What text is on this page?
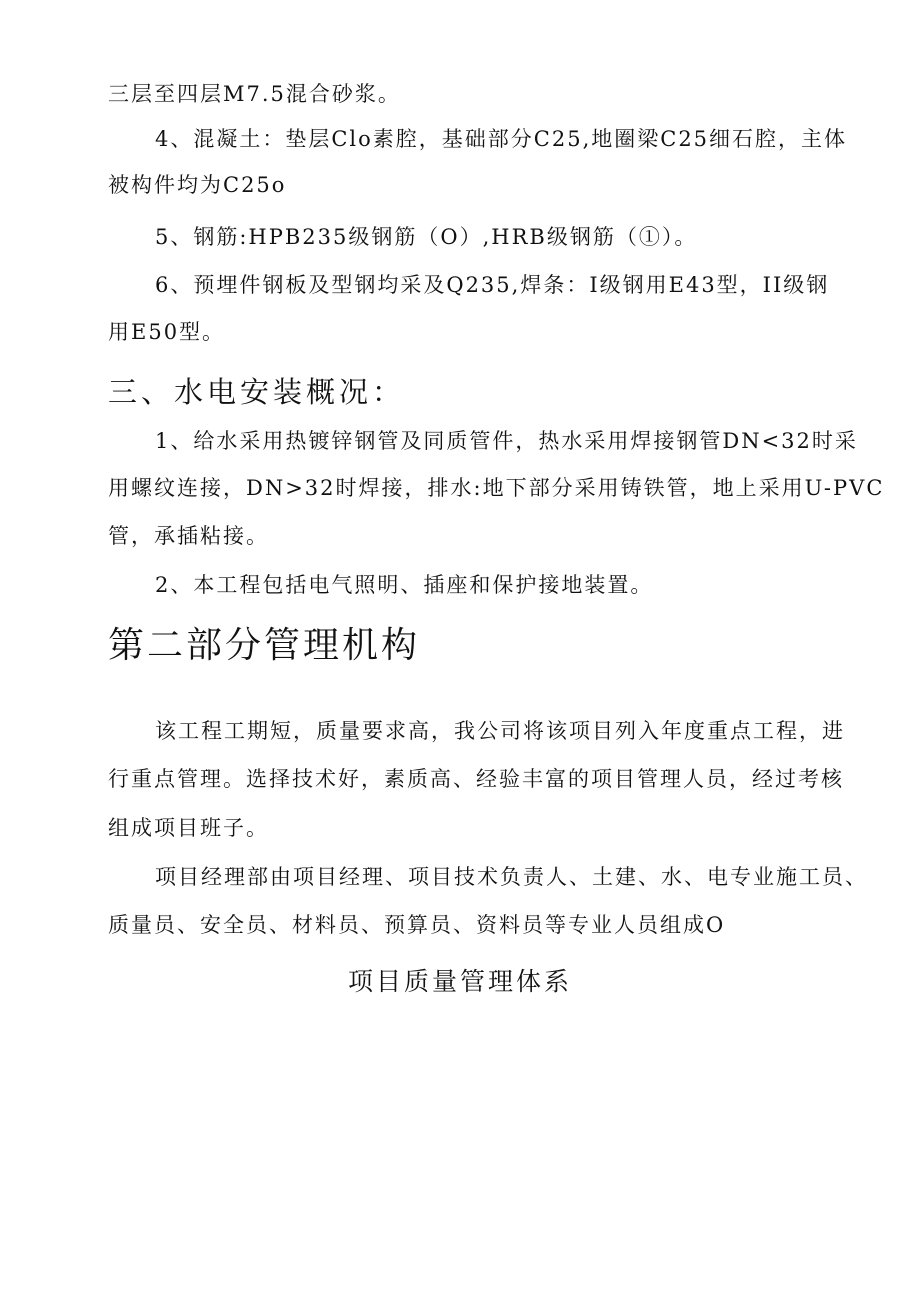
三层至四层M7.5混合砂浆。
4、混凝土：垫层Clo素腔，基础部分C25,地圈梁C25细石腔，主体
被构件均为C25o
5、钢筋:HPB235级钢筋（O）,HRB级钢筋（①）。
6、预埋件钢板及型钢均采及Q235,焊条：I级钢用E43型，II级钢
用E50型。
三、水电安装概况：
1、给水采用热镀锌钢管及同质管件，热水采用焊接钢管DN<32时采
用螺纹连接，DN>32时焊接，排水:地下部分采用铸铁管，地上采用U-PVC
管，承插粘接。
2、本工程包括电气照明、插座和保护接地装置。
第二部分管理机构
该工程工期短，质量要求高，我公司将该项目列入年度重点工程，进
行重点管理。选择技术好，素质高、经验丰富的项目管理人员，经过考核
组成项目班子。
项目经理部由项目经理、项目技术负责人、土建、水、电专业施工员、
质量员、安全员、材料员、预算员、资料员等专业人员组成O
项目质量管理体系
